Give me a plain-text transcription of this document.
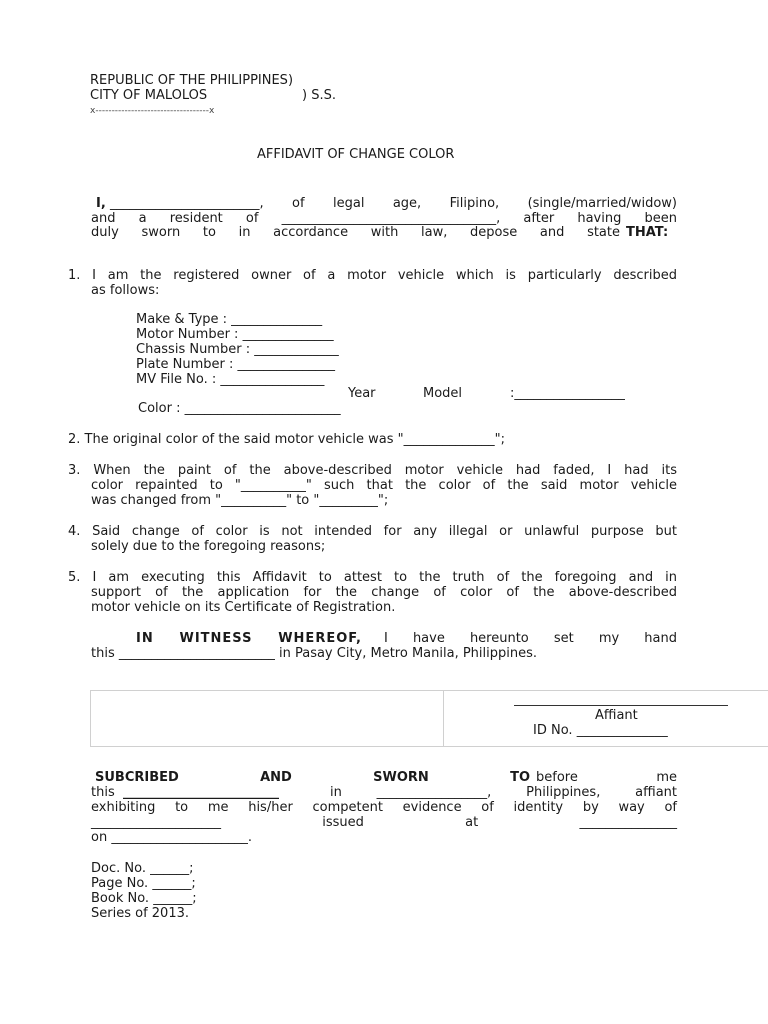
REPUBLIC OF THE PHILIPPINES)
CITY OF MALOLOS	) S.S.
x-----------------------------------x
AFFIDAVIT OF CHANGE COLOR
I, _______________________, of legal age, Filipino, (single/married/widow)
and a resident of _________________________________, after having been
duly sworn to in accordance with law, depose and state THAT:
1. I am the registered owner of a motor vehicle which is particularly described
as follows:
Make & Type : ______________
Motor Number : ______________
Chassis Number : _____________
Plate Number : _______________
MV File No. : ________________
Year	Model	:_________________
Color : ________________________
2. The original color of the said motor vehicle was "______________";
3. When the paint of the above-described motor vehicle had faded, I had its
color repainted to "__________" such that the color of the said motor vehicle
was changed from "__________" to "_________";
4. Said change of color is not intended for any illegal or unlawful purpose but
solely due to the foregoing reasons;
5. I am executing this Affidavit to attest to the truth of the foregoing and in
support of the application for the change of color of the above-described
motor vehicle on its Certificate of Registration.
IN WITNESS WHEREOF, I have hereunto set my hand
this ________________________ in Pasay City, Metro Manila, Philippines.
Affiant
ID No. ______________
SUBCRIBED AND SWORN TO before me
this ________________________	in _________________, Philippines, affiant
exhibiting to me his/her competent evidence of identity by way of
____________________ issued at _______________
on _____________________.
Doc. No. ______;
Page No. ______;
Book No. ______;
Series of 2013.
